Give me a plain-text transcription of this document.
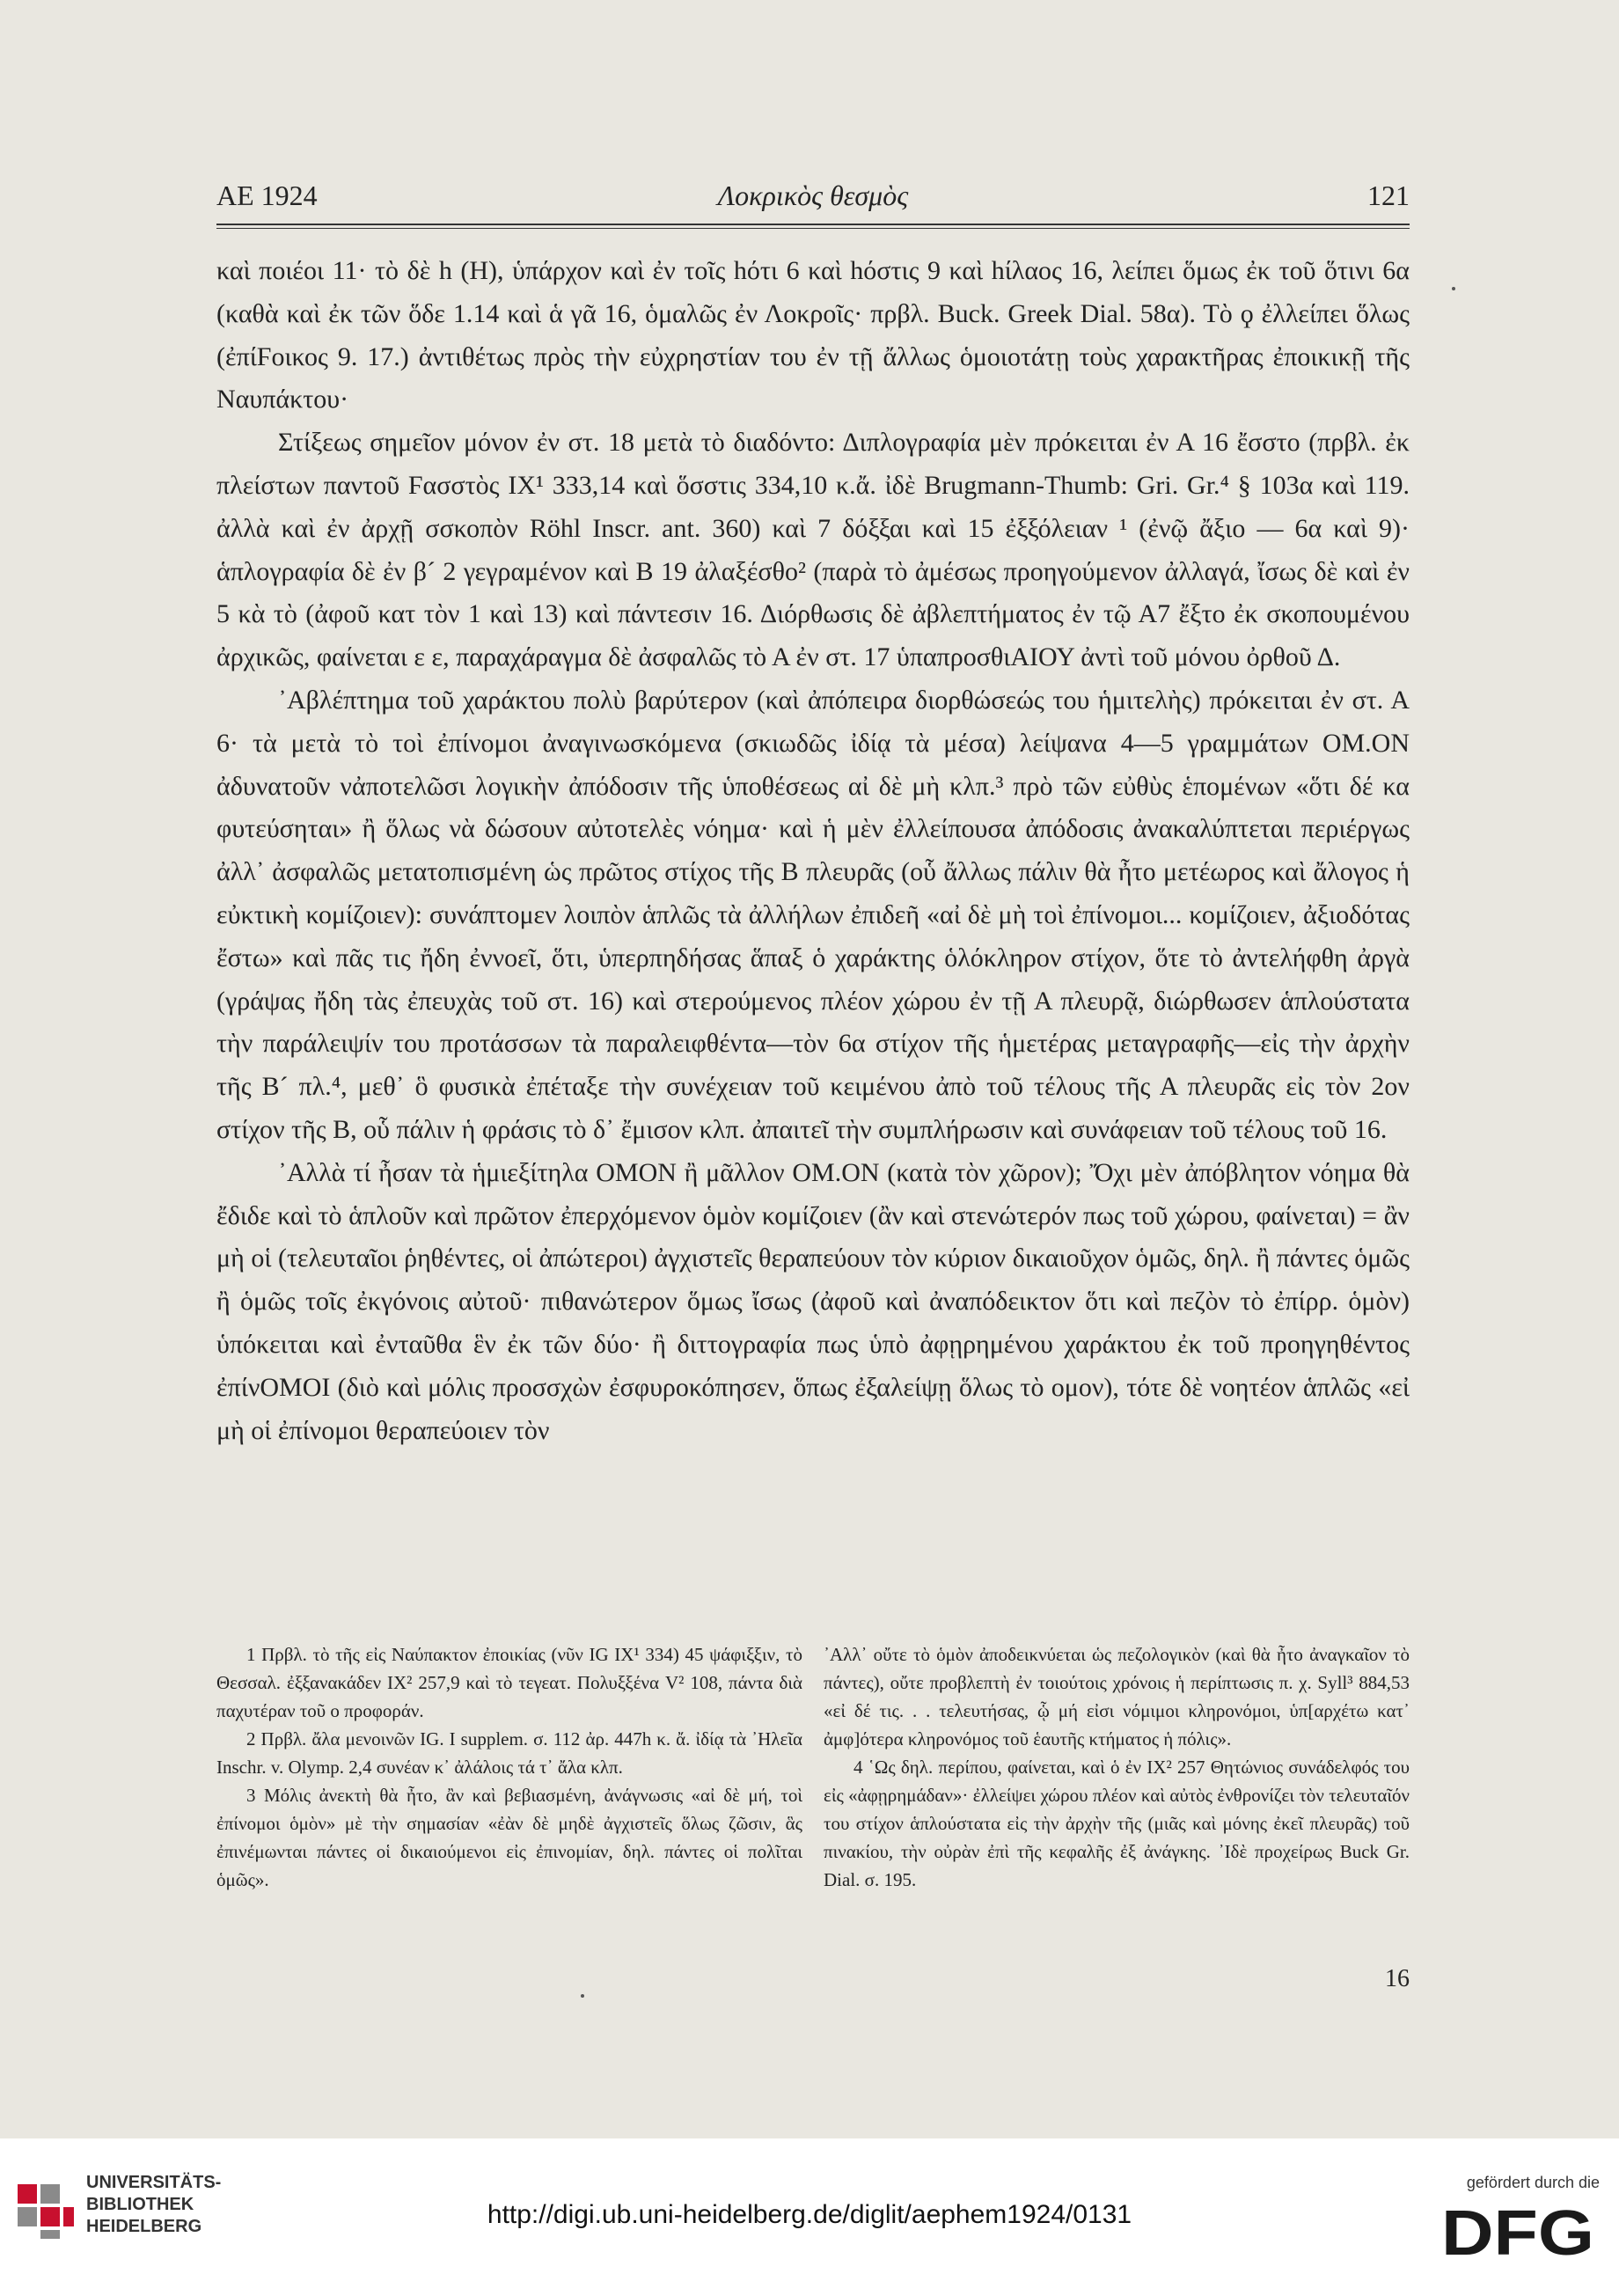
ΑΕ 1924	Λοκρικὸς θεσμὸς	121

καὶ ποιέοι 11· τὸ δὲ h (Η), ὑπάρχον καὶ ἐν τοῖς hότι 6 καὶ hόστις 9 καὶ hίλαος 16, λείπει ὅμως ἐκ τοῦ ὅτινι 6α (καθὰ καὶ ἐκ τῶν ὅδε 1.14 καὶ ἁ γᾶ 16, ὁμαλῶς ἐν Λοκροῖς· πρβλ. Buck. Greek Dial. 58α). Τὸ ϙ ἐλλείπει ὅλως (ἐπίϜοικος 9. 17.) ἀντιθέτως πρὸς τὴν εὐχρηστίαν του ἐν τῇ ἄλλως ὁμοιοτάτῃ τοὺς χαρακτῆρας ἐποικικῇ τῆς Ναυπάκτου·

Στίξεως σημεῖον μόνον ἐν στ. 18 μετὰ τὸ διαδόντο: Διπλογραφία μὲν πρόκειται ἐν Α 16 ἔσστο (πρβλ. ἐκ πλείστων παντοῦ Ϝασστὸς IX¹ 333,14 καὶ ὅσστις 334,10 κ.ἄ. ἰδὲ Brugmann-Thumb: Gri. Gr.⁴ § 103α καὶ 119. ἀλλὰ καὶ ἐν ἀρχῇ σσκοπὸν Röhl Inscr. ant. 360) καὶ 7 δόξξαι καὶ 15 ἐξξόλειαν ¹ (ἐνῷ ἄξιο — 6α καὶ 9)· ἁπλογραφία δὲ ἐν β´ 2 γεγραμένον καὶ Β 19 ἀλαξέσθο² (παρὰ τὸ ἀμέσως προηγούμενον ἀλλαγά, ἴσως δὲ καὶ ἐν 5 κὰ τὸ (ἀφοῦ κατ τὸν 1 καὶ 13) καὶ πάντεσιν 16. Διόρθωσις δὲ ἀβλεπτήματος ἐν τῷ Α7 ἔξτο ἐκ σκοπουμένου ἀρχικῶς, φαίνεται ε ε, παραχάραγμα δὲ ἀσφαλῶς τὸ Α ἐν στ. 17 ὑπαπροσθιΑΙΟΥ ἀντὶ τοῦ μόνου ὀρθοῦ Δ.

᾿Αβλέπτημα τοῦ χαράκτου πολὺ βαρύτερον (καὶ ἀπόπειρα διορθώσεώς του ἡμιτελὴς) πρόκειται ἐν στ. Α 6· τὰ μετὰ τὸ τοὶ ἐπίνομοι ἀναγινωσκόμενα (σκιωδῶς ἰδίᾳ τὰ μέσα) λείψανα 4—5 γραμμάτων ΟΜ.ΟΝ ἀδυνατοῦν νἀποτελῶσι λογικὴν ἀπόδοσιν τῆς ὑποθέσεως αἰ δὲ μὴ κλπ.³ πρὸ τῶν εὐθὺς ἑπομένων «ὅτι δέ κα φυτεύσηται» ἢ ὅλως νὰ δώσουν αὐτοτελὲς νόημα· καὶ ἡ μὲν ἐλλείπουσα ἀπόδοσις ἀνακαλύπτεται περιέργως ἀλλ᾿ ἀσφαλῶς μετατοπισμένη ὡς πρῶτος στίχος τῆς Β πλευρᾶς (οὗ ἄλλως πάλιν θὰ ἦτο μετέωρος καὶ ἄλογος ἡ εὐκτικὴ κομίζοιεν): συνάπτομεν λοιπὸν ἁπλῶς τὰ ἀλλήλων ἐπιδεῆ «αἰ δὲ μὴ τοὶ ἐπίνομοι... κομίζοιεν, ἀξιοδότας ἔστω» καὶ πᾶς τις ἤδη ἐννοεῖ, ὅτι, ὑπερπηδήσας ἅπαξ ὁ χαράκτης ὁλόκληρον στίχον, ὅτε τὸ ἀντελήφθη ἀργὰ (γράψας ἤδη τὰς ἐπευχὰς τοῦ στ. 16) καὶ στερούμενος πλέον χώρου ἐν τῇ Α πλευρᾷ, διώρθωσεν ἁπλούστατα τὴν παράλειψίν του προτάσσων τὰ παραλειφθέντα—τὸν 6α στίχον τῆς ἡμετέρας μεταγραφῆς—εἰς τὴν ἀρχὴν τῆς Β´ πλ.⁴, μεθ᾿ ὃ φυσικὰ ἐπέταξε τὴν συνέχειαν τοῦ κειμένου ἀπὸ τοῦ τέλους τῆς Α πλευρᾶς εἰς τὸν 2ον στίχον τῆς Β, οὗ πάλιν ἡ φράσις τὸ δ᾿ ἔμισον κλπ. ἀπαιτεῖ τὴν συμπλήρωσιν καὶ συνάφειαν τοῦ τέλους τοῦ 16.

᾿Αλλὰ τί ἦσαν τὰ ἡμιεξίτηλα ΟΜΟΝ ἢ μᾶλλον ΟΜ.ΟΝ (κατὰ τὸν χῶρον); Ὄχι μὲν ἀπόβλητον νόημα θὰ ἔδιδε καὶ τὸ ἁπλοῦν καὶ πρῶτον ἐπερχόμενον ὁμὸν κομίζοιεν (ἂν καὶ στενώτερόν πως τοῦ χώρου, φαίνεται) = ἂν μὴ οἱ (τελευταῖοι ῥηθέντες, οἱ ἀπώτεροι) ἀγχιστεῖς θεραπεύουν τὸν κύριον δικαιοῦχον ὁμῶς, δηλ. ἢ πάντες ὁμῶς ἢ ὁμῶς τοῖς ἐκγόνοις αὐτοῦ· πιθανώτερον ὅμως ἴσως (ἀφοῦ καὶ ἀναπόδεικτον ὅτι καὶ πεζὸν τὸ ἐπίρρ. ὁμὸν) ὑπόκειται καὶ ἐνταῦθα ἓν ἐκ τῶν δύο· ἢ διττογραφία πως ὑπὸ ἀφῃρημένου χαράκτου ἐκ τοῦ προηγηθέντος ἐπίνΟΜΟΙ (διὸ καὶ μόλις προσσχὼν ἐσφυροκόπησεν, ὅπως ἐξαλείψῃ ὅλως τὸ ομον), τότε δὲ νοητέον ἁπλῶς «εἰ μὴ οἱ ἐπίνομοι θεραπεύοιεν τὸν

1 Πρβλ. τὸ τῆς εἰς Ναύπακτον ἐποικίας (νῦν IG IX¹ 334) 45 ψάφιξξιν, τὸ Θεσσαλ. ἐξξανακάδεν IX² 257,9 καὶ τὸ τεγεατ. Πολυξξένα V² 108, πάντα διὰ παχυτέραν τοῦ ο προφοράν.

2 Πρβλ. ἄλα μενοινῶν IG. I supplem. σ. 112 ἀρ. 447h κ. ἄ. ἰδίᾳ τὰ ᾿Ηλεῖα Inschr. v. Olymp. 2,4 συνέαν κ᾿ ἀλάλοις τά τ᾿ ἄλα κλπ.

3 Μόλις ἀνεκτὴ θὰ ἦτο, ἂν καὶ βεβιασμένη, ἀνάγνωσις «αἰ δὲ μή, τοὶ ἐπίνομοι ὁμὸν» μὲ τὴν σημασίαν «ἐὰν δὲ μηδὲ ἀγχιστεῖς ὅλως ζῶσιν, ἃς ἐπινέμωνται πάντες οἱ δικαιούμενοι εἰς ἐπινομίαν, δηλ. πάντες οἱ πολῖται ὁμῶς».

᾿Αλλ᾿ οὔτε τὸ ὁμὸν ἀποδεικνύεται ὡς πεζολογικὸν (καὶ θὰ ἦτο ἀναγκαῖον τὸ πάντες), οὔτε προβλεπτὴ ἐν τοιούτοις χρόνοις ἡ περίπτωσις π. χ. Syll³ 884,53 «εἰ δέ τις. . . τελευτήσας, ᾧ μή εἰσι νόμιμοι κληρονόμοι, ὑπ[αρχέτω κατ᾿ ἀμφ]ότερα κληρονόμος τοῦ ἑαυτῆς κτήματος ἡ πόλις».

4 ῾Ως δηλ. περίπου, φαίνεται, καὶ ὁ ἐν IX² 257 Θητώνιος συνάδελφός του εἰς «ἀφῃρημάδαν»· ἐλλείψει χώρου πλέον καὶ αὐτὸς ἐνθρονίζει τὸν τελευταῖόν του στίχον ἁπλούστατα εἰς τὴν ἀρχὴν τῆς (μιᾶς καὶ μόνης ἐκεῖ πλευρᾶς) τοῦ πινακίου, τὴν οὐρὰν ἐπὶ τῆς κεφαλῆς ἐξ ἀνάγκης. ᾿Ιδὲ προχείρως Buck Gr. Dial. σ. 195.

16
UNIVERSITÄTS-
BIBLIOTHEK
HEIDELBERG	http://digi.ub.uni-heidelberg.de/diglit/aephem1924/0131
gefördert durch die
DFG
